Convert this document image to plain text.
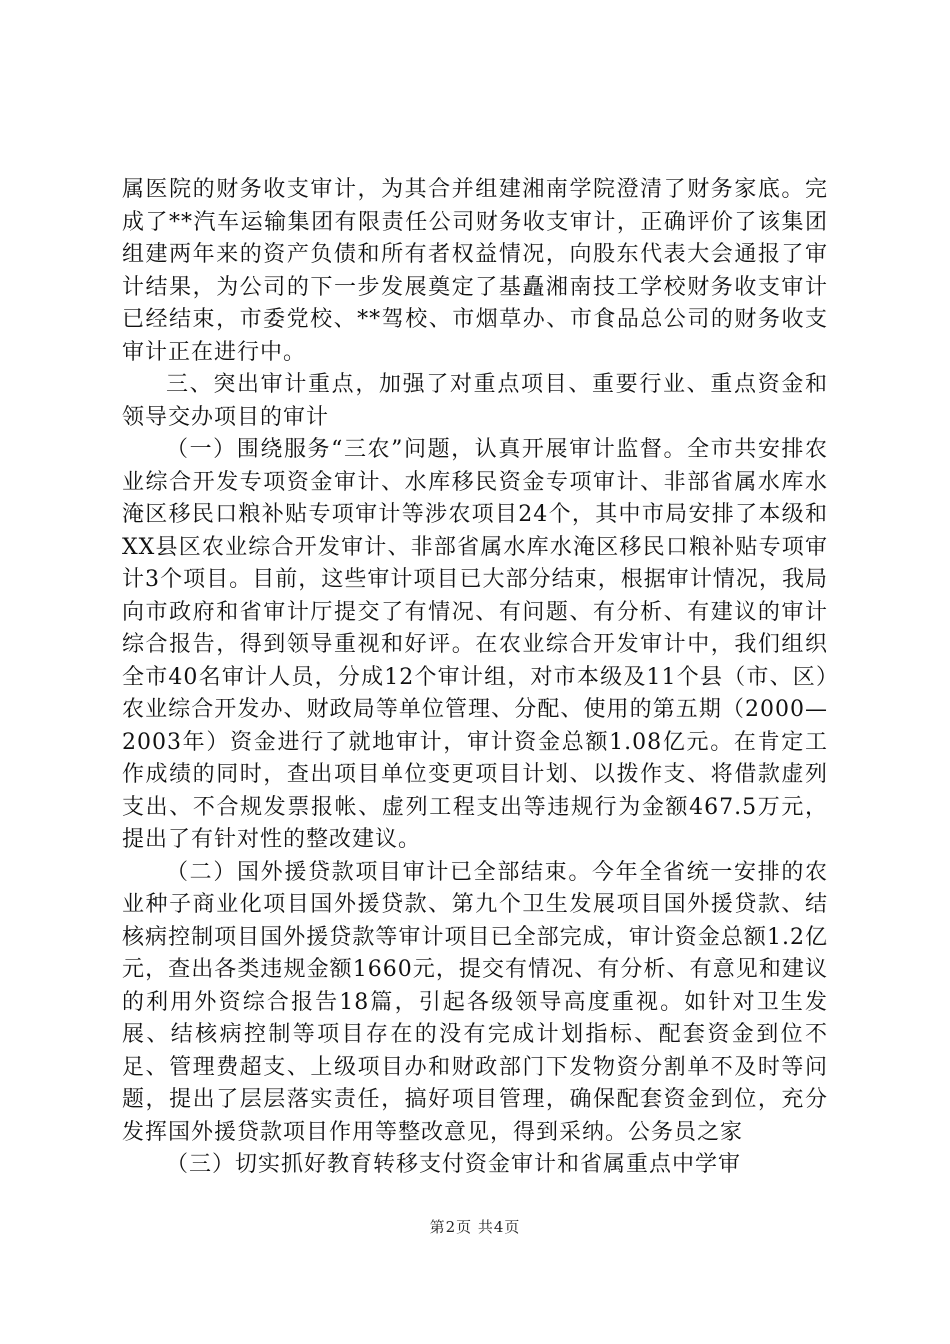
属医院的财务收支审计，为其合并组建湘南学院澄清了财务家底。完成了**汽车运输集团有限责任公司财务收支审计，正确评价了该集团组建两年来的资产负债和所有者权益情况，向股东代表大会通报了审计结果，为公司的下一步发展奠定了基矗湘南技工学校财务收支审计已经结束，市委党校、**驾校、市烟草办、市食品总公司的财务收支审计正在进行中。

三、突出审计重点，加强了对重点项目、重要行业、重点资金和领导交办项目的审计

（一）围绕服务“三农”问题，认真开展审计监督。全市共安排农业综合开发专项资金审计、水库移民资金专项审计、非部省属水库水淹区移民口粮补贴专项审计等涉农项目24个，其中市局安排了本级和XX县区农业综合开发审计、非部省属水库水淹区移民口粮补贴专项审计3个项目。目前，这些审计项目已大部分结束，根据审计情况，我局向市政府和省审计厅提交了有情况、有问题、有分析、有建议的审计综合报告，得到领导重视和好评。在农业综合开发审计中，我们组织全市40名审计人员，分成12个审计组，对市本级及11个县（市、区）农业综合开发办、财政局等单位管理、分配、使用的第五期（2000—2003年）资金进行了就地审计，审计资金总额1.08亿元。在肯定工作成绩的同时，查出项目单位变更项目计划、以拨作支、将借款虚列支出、不合规发票报帐、虚列工程支出等违规行为金额467.5万元，提出了有针对性的整改建议。

（二）国外援贷款项目审计已全部结束。今年全省统一安排的农业种子商业化项目国外援贷款、第九个卫生发展项目国外援贷款、结核病控制项目国外援贷款等审计项目已全部完成，审计资金总额1.2亿元，查出各类违规金额1660元，提交有情况、有分析、有意见和建议的利用外资综合报告18篇，引起各级领导高度重视。如针对卫生发展、结核病控制等项目存在的没有完成计划指标、配套资金到位不足、管理费超支、上级项目办和财政部门下发物资分割单不及时等问题，提出了层层落实责任，搞好项目管理，确保配套资金到位，充分发挥国外援贷款项目作用等整改意见，得到采纳。公务员之家

（三）切实抓好教育转移支付资金审计和省属重点中学审

第2页 共4页
